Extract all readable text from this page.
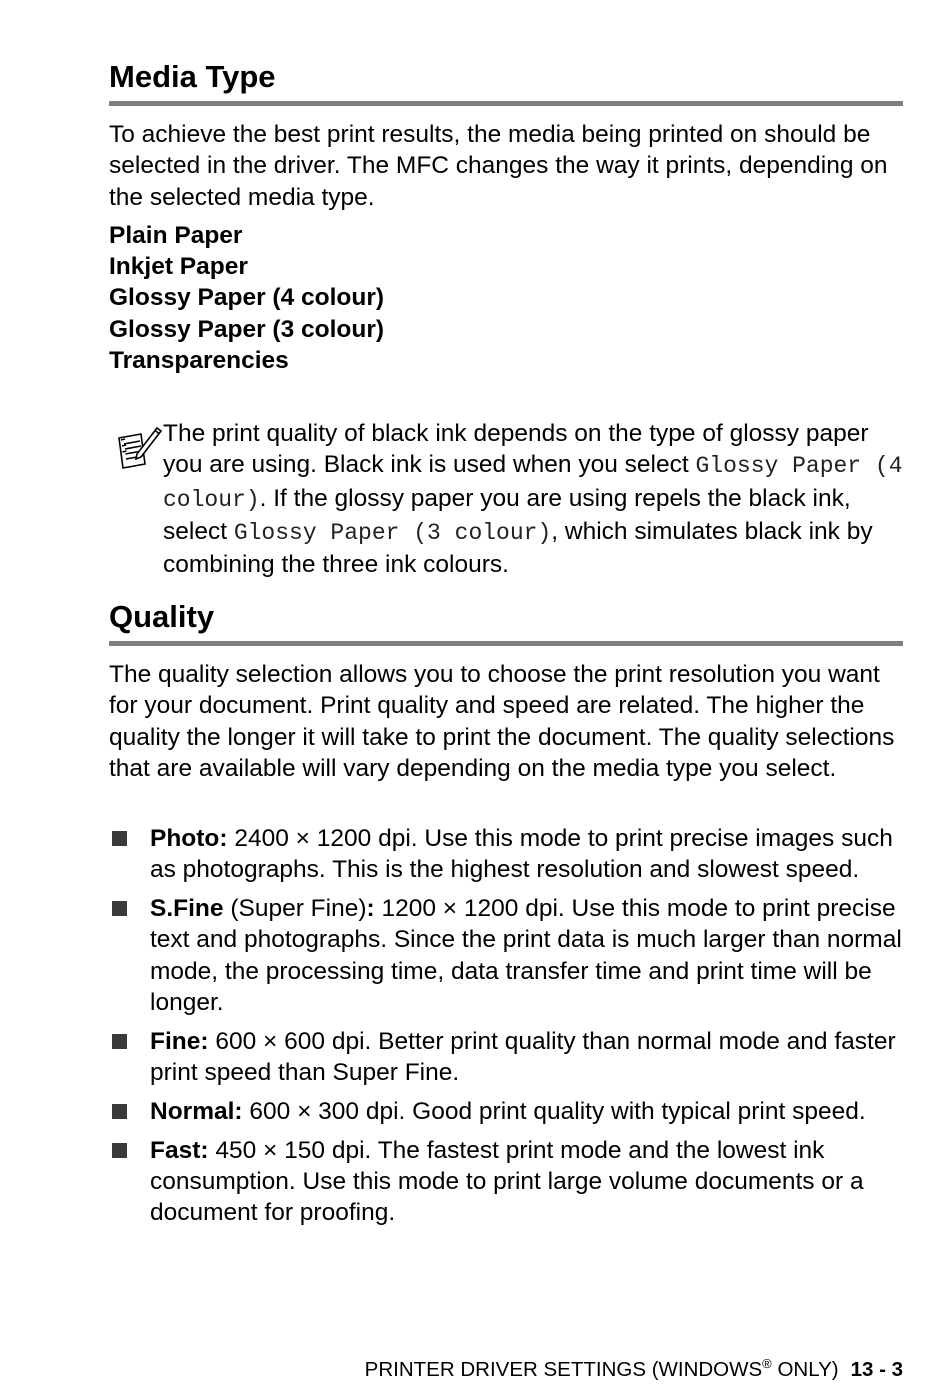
Media Type

To achieve the best print results, the media being printed on should be selected in the driver. The MFC changes the way it prints, depending on the selected media type.

Plain Paper
Inkjet Paper
Glossy Paper (4 colour)
Glossy Paper (3 colour)
Transparencies
The print quality of black ink depends on the type of glossy paper you are using. Black ink is used when you select Glossy Paper (4 colour). If the glossy paper you are using repels the black ink, select Glossy Paper (3 colour), which simulates black ink by combining the three ink colours.
Quality

The quality selection allows you to choose the print resolution you want for your document. Print quality and speed are related. The higher the quality the longer it will take to print the document. The quality selections that are available will vary depending on the media type you select.

Photo: 2400 × 1200 dpi. Use this mode to print precise images such as photographs. This is the highest resolution and slowest speed.

S.Fine (Super Fine): 1200 × 1200 dpi. Use this mode to print precise text and photographs. Since the print data is much larger than normal mode, the processing time, data transfer time and print time will be longer.

Fine: 600 × 600 dpi. Better print quality than normal mode and faster print speed than Super Fine.

Normal: 600 × 300 dpi. Good print quality with typical print speed.

Fast: 450 × 150 dpi. The fastest print mode and the lowest ink consumption. Use this mode to print large volume documents or a document for proofing.

PRINTER DRIVER SETTINGS (WINDOWS® ONLY) 13 - 3
